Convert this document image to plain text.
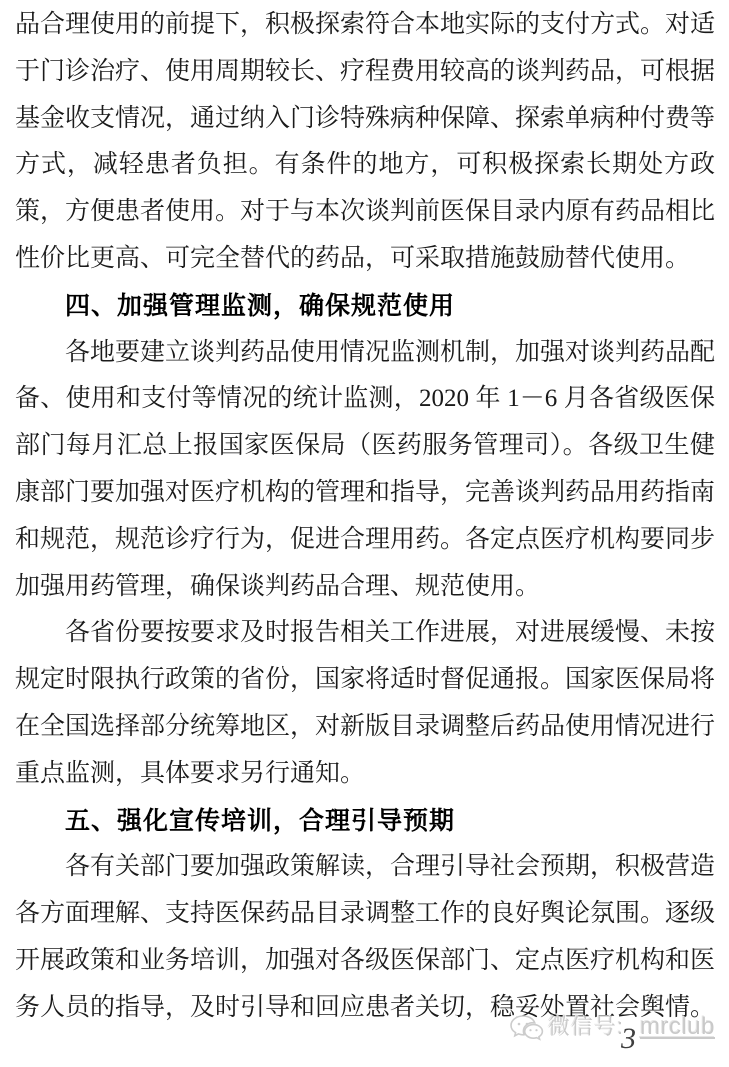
品合理使用的前提下，积极探索符合本地实际的支付方式。对适
于门诊治疗、使用周期较长、疗程费用较高的谈判药品，可根据
基金收支情况，通过纳入门诊特殊病种保障、探索单病种付费等
方式，减轻患者负担。有条件的地方，可积极探索长期处方政
策，方便患者使用。对于与本次谈判前医保目录内原有药品相比
性价比更高、可完全替代的药品，可采取措施鼓励替代使用。
四、加强管理监测，确保规范使用
各地要建立谈判药品使用情况监测机制，加强对谈判药品配
备、使用和支付等情况的统计监测，2020 年 1－6 月各省级医保
部门每月汇总上报国家医保局（医药服务管理司）。各级卫生健
康部门要加强对医疗机构的管理和指导，完善谈判药品用药指南
和规范，规范诊疗行为，促进合理用药。各定点医疗机构要同步
加强用药管理，确保谈判药品合理、规范使用。
各省份要按要求及时报告相关工作进展，对进展缓慢、未按
规定时限执行政策的省份，国家将适时督促通报。国家医保局将
在全国选择部分统筹地区，对新版目录调整后药品使用情况进行
重点监测，具体要求另行通知。
五、强化宣传培训，合理引导预期
各有关部门要加强政策解读，合理引导社会预期，积极营造
各方面理解、支持医保药品目录调整工作的良好舆论氛围。逐级
开展政策和业务培训，加强对各级医保部门、定点医疗机构和医
务人员的指导，及时引导和回应患者关切，稳妥处置社会舆情。
微信号:
3 mrclub
